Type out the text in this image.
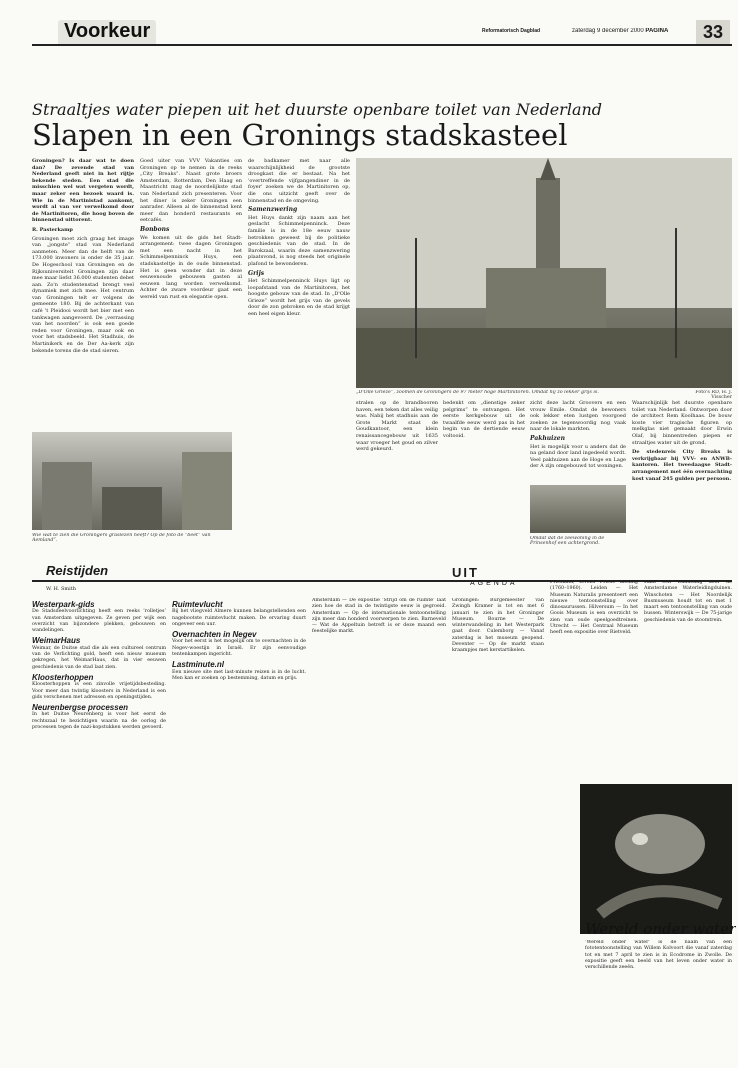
Voorkeur	Reformatorisch Dagblad	zaterdag 9 december 2000 PAGINA	33
Straaltjes water piepen uit het duurste openbare toilet van Nederland
Slapen in een Gronings stadskasteel
Groningen? Is daar wat te doen dan? De zevende stad van Nederland geeft niet in het rijtje bekende steden. Een stad die misschien wel wat vergeten wordt, maar zeker een bezoek waard is. Wie in de Martinistad aankomt, wordt al van ver verwelkomd door de Martinitoren, die hoog boven de binnenstad uittorent.
R. Pasterkamp
Groningen moet zich graag het image van „jongste” stad van Nederland aanmeten. Meer dan de helft van de 173.000 inwoners is onder de 35 jaar. De Hogeschool van Groningen en de Rijksuniversiteit Groningen zijn daar mee maar liefst 36.000 studenten debet aan. Zo'n studentenstad brengt veel dynamiek met zich mee. Het centrum van Groningen telt er volgens de gemeente 180. Bij de achterkant van café 't Pleidooi wordt het bier met een tankwagen aangevoerd. De „verrassing van het noorden” is ook een goede reden voor Groningen, maar ook en voor het stadsbeeld. Het Stadhuis, de Martinikerk en de Der Aa-kerk zijn bekende torens die de stad sieren.
Goed uiter van VVV Vakanties om Groningen op te nemen in de reeks „City Breaks”. Naast grote broers Amsterdam, Rotterdam, Den Haag en Maastricht mag de noordelijkste stad van Nederland zich presenteren. Voor het diner is zeker Groningen een aanrader. Alleen al de binnenstad kent meer dan honderd restaurants en eetcafés.
Bonbons
We komen uit de gids het Stadt-arrangement: twee dagen Groningen met een nacht in het Schimmelpenninck Huys, een stadskasteltje in de oude binnenstad. Het is geen wonder dat in deze eeuwenoude gebouwen gasten al eeuwen lang worden verwelkomd. Achter de zware voordeur gaat een wereld van rust en elegantie open.
de badkamer met naar alle waarschijnlijkheid de grootste droogkast die er bestaat. Na het 'overtreffende vijfgangendiner in de foyer' zoeken we de Martinitoren op, die ons uitzicht geeft over de binnenstad en de omgeving.
Samenzwering
Het Huys dankt zijn naam aan het geslacht Schimmelpenninck. Deze familie is in de 18e eeuw nauw betrokken geweest bij de politieke geschiedenis van de stad. In de Barokzaal, waarin deze samenzwering plaatsvond, is nog steeds het originele plafond te bewonderen.
Grijs
Het Schimmelpenninck Huys ligt op loopafstand van de Martinitoren, het hoogste gebouw van de stad. In „D'Olle Grieze” wordt het grijs van de gevels door de zon gebroken en de stad krijgt een heel eigen kleur.
Wie wat te zien die Groningers graslezen heeft? Op de foto de “beet” van Aemland”.
„D'Olle Grieze”, zoomen de Groningers de 97 meter hoge Martinitoren. Omdat hij zo lekker grijs is.	Foto's RD, H. J. Visscher
stralen op de brandbooren haven, een teken dat alles veilig was. Nabij het stadhuis aan de Grote Markt staat de Goudkantoor, een klein renaissancegebouw uit 1635 waar vroeger het goud en zilver werd gekeurd.
bedenkt om „dienstige zeker pelgrims” te ontvangen. Het eerste kerkgebouw uit de twaalfde eeuw werd pas in het begin van de dertiende eeuw voltooid.
zicht deze lacht Groovers en een vrouw Emile. Omdat de bewoners ook lekker eten lustgen voorgoed zoeken ze tegenwoordig nog vaak naar de lokale markten.
Pakhuizen
Het is mogelijk voor u anders dat de na geland door land ingedeeld wordt. Veel pakhuizen aan de Hoge en Lage der A zijn omgebouwd tot woningen.
Omdat dat de zeewoning in de Prinsenhof een achtergrond.
Waarschijnlijk het duurste openbare toilet van Nederland. Ontworpen door de architect Rem Koolhaas. De bouw koste vier tragische figuren op melkglas niet gemaakt door Erwin Olaf, bij binnentreden piepen er straaltjes water uit de grond.
De stedenreis City Breaks is verkrijgbaar bij VVV- en ANWB-kantoren. Het tweedaagse Stadt-arrangement met één overnachting kost vanaf 245 gulden per persoon.
Reistijden
W. H. Smith
Westerpark-gids
De Stadsdeelvoorlichting heeft een reeks ‘rolletjes’ van Amsterdam uitgegeven. Ze geven per wijk een overzicht van bijzondere plekken, gebouwen en wandelingen.
WeimarHaus
Weimar, de Duitse stad die als een cultureel centrum van de Verlichting gold, heeft een nieuw museum gekregen, het WeimarHaus, dat in vier eeuwen geschiedenis van de stad laat zien.
Kloosterhoppen
Kloosterhoppen is een zinvolle vrijetijdsbesteding. Voor meer dan twintig kloosters in Nederland is een gids verschenen met adressen en openingstijden.
Neurenbergse processen
In het Duitse Neurenberg is voor het eerst de rechtszaal te bezichtigen waarin na de oorlog de processen tegen de nazi-kopstukken werden gevoerd.
Ruimtevlucht
Bij het vliegveld Almere kunnen belangstellenden een nagebootste ruimtevlucht maken. De ervaring duurt ongeveer een uur.
Overnachten in Negev
Voor het eerst is het mogelijk om te overnachten in de Negev-woestijn in Israël. Er zijn eenvoudige tentenkampen ingericht.
Lastminute.nl
Een nieuwe site met last-minute reizen is in de lucht. Men kan er zoeken op bestemming, datum en prijs.
Amsterdam — De expositie ‘Strijd om de ruimte’ laat zien hoe de stad in de twintigste eeuw is gegroeid. Amsterdam — Op de internationale tentoonstelling zijn meer dan honderd voorwerpen te zien. Barneveld — Wat de Appeltuin betreft is er deze maand een feestelijke markt.
UIT
AGENDA
Groningen: Burgemeester van Zwingh Kramer is tot en met 6 januari te zien in het Groninger Museum. Bourne — De winterwandeling in het Westerpark gaat door. Culemborg — Vanaf zaterdag is het museum geopend. Deventer — Op de markt staan kraampjes met kerstartikelen.
Friesland, tevens Friese kleding (1760–1960). Leiden — Het Museum Naturalis presenteert een nieuwe tentoonstelling over dinosaurussen. Hilversum — In het Goois Museum is een overzicht te zien van oude speelgoedtreinen. Utrecht — Het Centraal Museum heeft een expositie over Rietveld.
staat een wandeling door de Amsterdamse Waterleidingduinen. Winschoten — Het Noordelijk Busmuseum houdt tot en met 1 maart een tentoonstelling van oude bussen. Winterswijk — De 75-jarige geschiedenis van de stoomtrein.
Wereld onder water
‘Wereld onder water’ is de naam van een fototentoonstelling van Willem Kolvoort die vanaf zaterdag tot en met 7 april te zien is in Ecodrome in Zwolle. De expositie geeft een beeld van het leven onder water in verschillende zeeën.
